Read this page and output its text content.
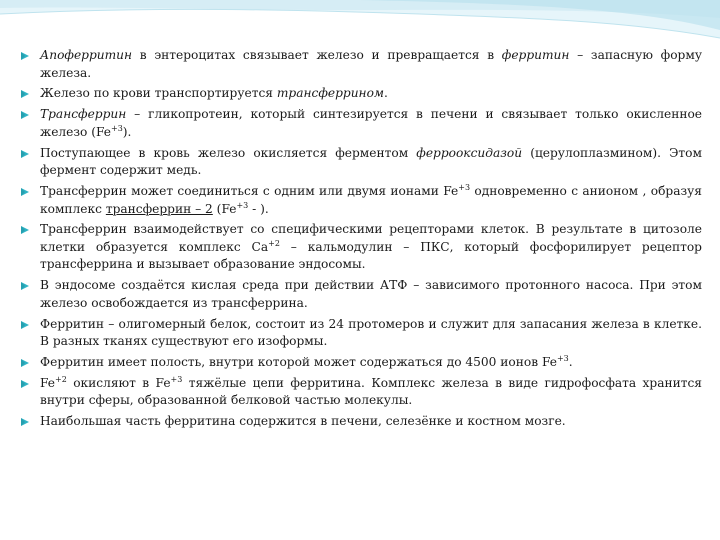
Апоферритин в энтероцитах связывает железо и превращается в ферритин – запасную форму железа.
Железо по крови транспортируется трансферрином.
Трансферрин – гликопротеин, который синтезируется в печени и связывает только окисленное железо $(Fe^{+3})$.
Поступающее в кровь железо окисляется ферментом ферроокcидазой (церулоплазмином). Этом фермент содержит медь.
Трансферрин может соединиться с одним или двумя ионами $Fe^{+3}$ одновременно с анионом , образуя комплекс трансферрин – 2 ($Fe^{+3}$ - ).
Трансферрин взаимодействует со специфическими рецепторами клеток. В результате в цитозоле клетки образуется комплекс $Са^{+2}$ – кальмодулин – ПКС, который фосфорилирует рецептор трансферрина и вызывает образование эндосомы.
В эндосоме создаётся кислая среда при действии АТФ – зависимого протонного насоса. При этом железо освобождается из трансферрина.
Ферритин – олигомерный белок, состоит из 24 протомеров и служит для запасания железа в клетке. В разных тканях существуют его изоформы.
Ферритин имеет полость, внутри которой может содержаться до 4500 ионов $Fe^{+3}$.
$Fe^{+2}$ окисляют в $Fe^{+3}$ тяжёлые цепи ферритина. Комплекс железа в виде гидрофосфата хранится внутри сферы, образованной белковой частью молекулы.
Наибольшая часть ферритина содержится в печени, селезёнке и костном мозге.
